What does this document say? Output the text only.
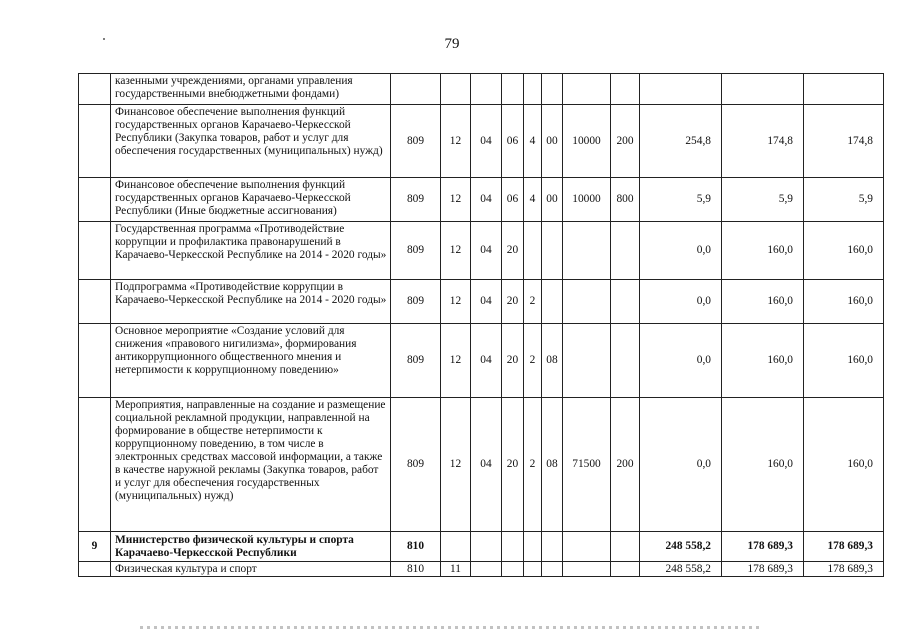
79
	казенными учреждениями, органами управления государственными внебюджетными фондами)											
	Финансовое обеспечение выполнения функций государственных органов Карачаево-Черкесской Республики (Закупка товаров, работ и услуг для обеспечения государственных (муниципальных) нужд)	809	12	04	06	4	00	10000	200	254,8	174,8	174,8
	Финансовое обеспечение выполнения функций государственных органов Карачаево-Черкесской Республики (Иные бюджетные ассигнования)	809	12	04	06	4	00	10000	800	5,9	5,9	5,9
	Государственная программа «Противодействие коррупции и профилактика правонарушений в Карачаево-Черкесской Республике на 2014 - 2020 годы»	809	12	04	20					0,0	160,0	160,0
	Подпрограмма «Противодействие коррупции в Карачаево-Черкесской Республике на 2014 - 2020 годы»	809	12	04	20	2				0,0	160,0	160,0
	Основное мероприятие «Создание условий для снижения «правового нигилизма», формирования антикоррупционного общественного мнения и нетерпимости к коррупционному поведению»	809	12	04	20	2	08			0,0	160,0	160,0
	Мероприятия, направленные на создание и размещение социальной рекламной продукции, направленной на формирование в обществе нетерпимости к коррупционному поведению, в том числе в электронных средствах массовой информации, а также в качестве наружной рекламы (Закупка товаров, работ и услуг для обеспечения государственных (муниципальных) нужд)	809	12	04	20	2	08	71500	200	0,0	160,0	160,0
9	Министерство физической культуры и спорта Карачаево-Черкесской Республики	810								248 558,2	178 689,3	178 689,3
	Физическая культура и спорт	810	11							248 558,2	178 689,3	178 689,3
